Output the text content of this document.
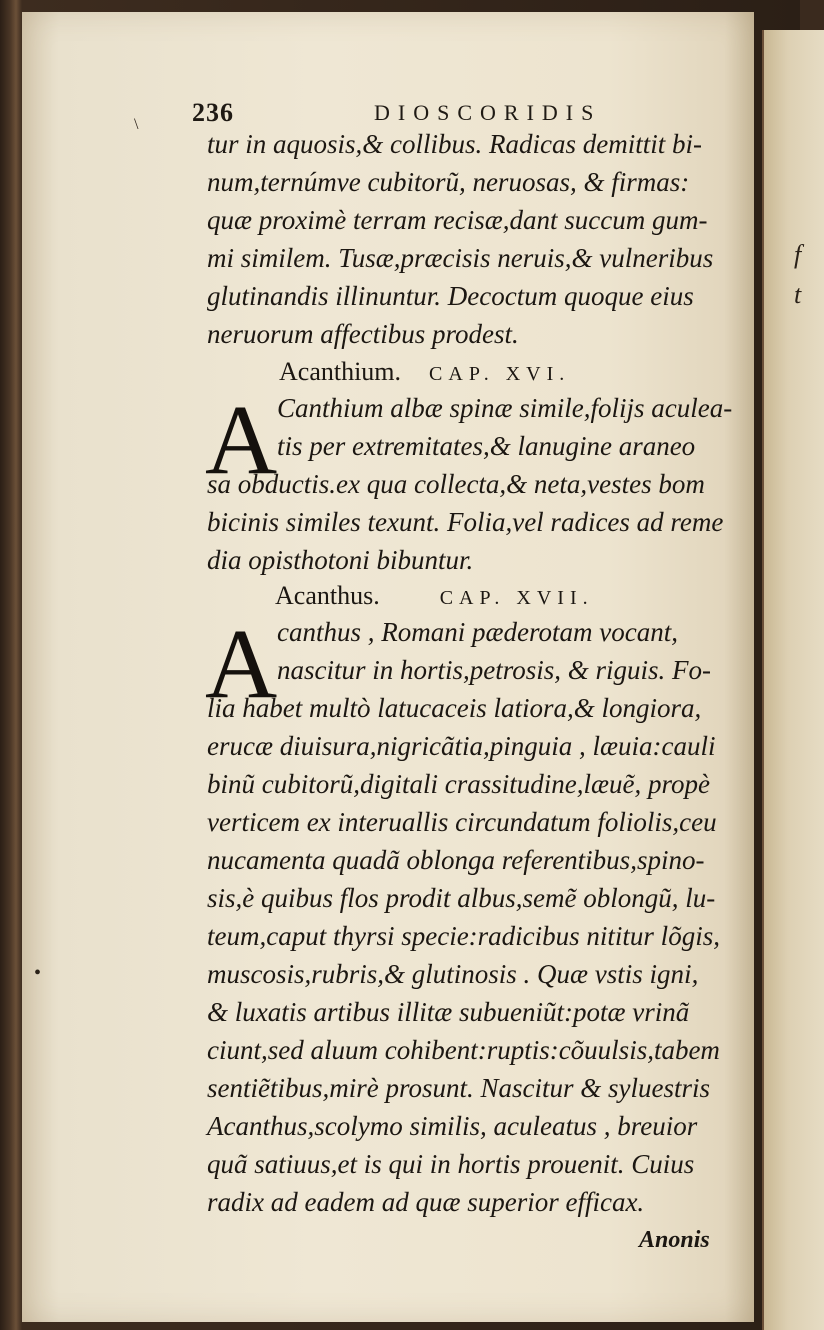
f
t
236	DIOSCORIDIS
\
•
tur in aquosis,& collibus. Radicas demittit bi-
num,ternúmve cubitorũ, neruosas, & firmas:
quæ proximè terram recisæ,dant succum gum-
mi similem. Tusæ,præcisis neruis,& vulneribus
glutinandis illinuntur. Decoctum quoque eius
neruorum affectibus prodest.
Acanthium. CAP. XVI.
A Canthium albæ spinæ simile,folijs aculea-
tis per extremitates,& lanugine araneo
sa obductis.ex qua collecta,& neta,vestes bom
bicinis similes texunt. Folia,vel radices ad reme
dia opisthotoni bibuntur.
Acanthus.	CAP. XVII.
A canthus , Romani pæderotam vocant,
nascitur in hortis,petrosis, & riguis. Fo-
lia habet multò latucaceis latiora,& longiora,
erucæ diuisura,nigricãtia,pinguia , læuia:cauli
binũ cubitorũ,digitali crassitudine,læuẽ, propè
verticem ex interuallis circundatum foliolis,ceu
nucamenta quadã oblonga referentibus,spino-
sis,è quibus flos prodit albus,semẽ oblongũ, lu-
teum,caput thyrsi specie:radicibus nititur lõgis,
muscosis,rubris,& glutinosis . Quæ vstis igni,
& luxatis artibus illitæ subueniũt:potæ vrinã
ciunt,sed aluum cohibent:ruptis:cõuulsis,tabem
sentiẽtibus,mirè prosunt. Nascitur & syluestris
Acanthus,scolymo similis, aculeatus , breuior
quã satiuus,et is qui in hortis prouenit. Cuius
radix ad eadem ad quæ superior efficax.
Anonis
